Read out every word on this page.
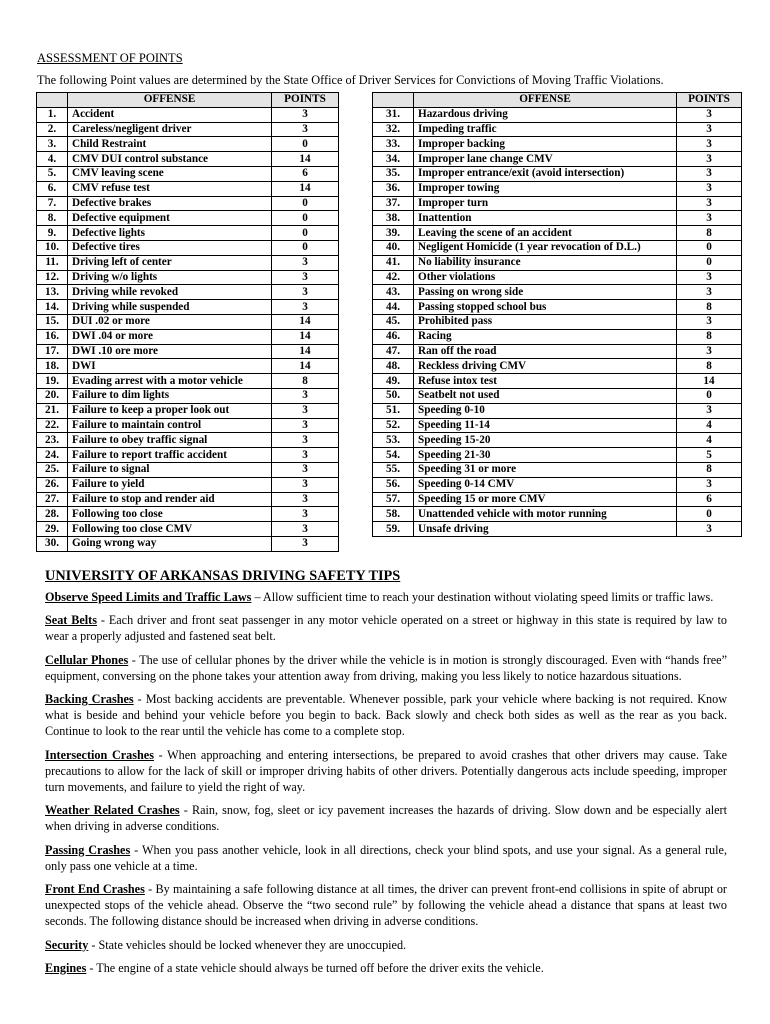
ASSESSMENT OF POINTS
The following Point values are determined by the State Office of Driver Services for Convictions of Moving Traffic Violations.
	OFFENSE	POINTS
1.	Accident	3
2.	Careless/negligent driver	3
3.	Child Restraint	0
4.	CMV DUI control substance	14
5.	CMV leaving scene	6
6.	CMV refuse test	14
7.	Defective brakes	0
8.	Defective equipment	0
9.	Defective lights	0
10.	Defective tires	0
11.	Driving left of center	3
12.	Driving w/o lights	3
13.	Driving while revoked	3
14.	Driving while suspended	3
15.	DUI .02 or more	14
16.	DWI .04 or more	14
17.	DWI .10 ore more	14
18.	DWI	14
19.	Evading arrest with a motor vehicle	8
20.	Failure to dim lights	3
21.	Failure to keep a proper look out	3
22.	Failure to maintain control	3
23.	Failure to obey traffic signal	3
24.	Failure to report traffic accident	3
25.	Failure to signal	3
26.	Failure to yield	3
27.	Failure to stop and render aid	3
28.	Following too close	3
29.	Following too close CMV	3
30.	Going wrong way	3
	OFFENSE	POINTS
31.	Hazardous driving	3
32.	Impeding traffic	3
33.	Improper backing	3
34.	Improper lane change CMV	3
35.	Improper entrance/exit (avoid intersection)	3
36.	Improper towing	3
37.	Improper turn	3
38.	Inattention	3
39.	Leaving the scene of an accident	8
40.	Negligent Homicide (1 year revocation of D.L.)	0
41.	No liability insurance	0
42.	Other violations	3
43.	Passing on wrong side	3
44.	Passing stopped school bus	8
45.	Prohibited pass	3
46.	Racing	8
47.	Ran off the road	3
48.	Reckless driving CMV	8
49.	Refuse intox test	14
50.	Seatbelt not used	0
51.	Speeding 0-10	3
52.	Speeding 11-14	4
53.	Speeding 15-20	4
54.	Speeding 21-30	5
55.	Speeding 31 or more	8
56.	Speeding 0-14 CMV	3
57.	Speeding 15 or more CMV	6
58.	Unattended vehicle with motor running	0
59.	Unsafe driving	3
UNIVERSITY OF ARKANSAS DRIVING SAFETY TIPS

Observe Speed Limits and Traffic Laws – Allow sufficient time to reach your destination without violating speed limits or traffic laws.

Seat Belts - Each driver and front seat passenger in any motor vehicle operated on a street or highway in this state is required by law to wear a properly adjusted and fastened seat belt.

Cellular Phones - The use of cellular phones by the driver while the vehicle is in motion is strongly discouraged. Even with “hands free” equipment, conversing on the phone takes your attention away from driving, making you less likely to notice hazardous situations.

Backing Crashes - Most backing accidents are preventable. Whenever possible, park your vehicle where backing is not required. Know what is beside and behind your vehicle before you begin to back. Back slowly and check both sides as well as the rear as you back. Continue to look to the rear until the vehicle has come to a complete stop.

Intersection Crashes - When approaching and entering intersections, be prepared to avoid crashes that other drivers may cause. Take precautions to allow for the lack of skill or improper driving habits of other drivers. Potentially dangerous acts include speeding, improper turn movements, and failure to yield the right of way.

Weather Related Crashes - Rain, snow, fog, sleet or icy pavement increases the hazards of driving. Slow down and be especially alert when driving in adverse conditions.

Passing Crashes - When you pass another vehicle, look in all directions, check your blind spots, and use your signal. As a general rule, only pass one vehicle at a time.

Front End Crashes - By maintaining a safe following distance at all times, the driver can prevent front-end collisions in spite of abrupt or unexpected stops of the vehicle ahead. Observe the “two second rule” by following the vehicle ahead a distance that spans at least two seconds. The following distance should be increased when driving in adverse conditions.

Security - State vehicles should be locked whenever they are unoccupied.

Engines - The engine of a state vehicle should always be turned off before the driver exits the vehicle.
